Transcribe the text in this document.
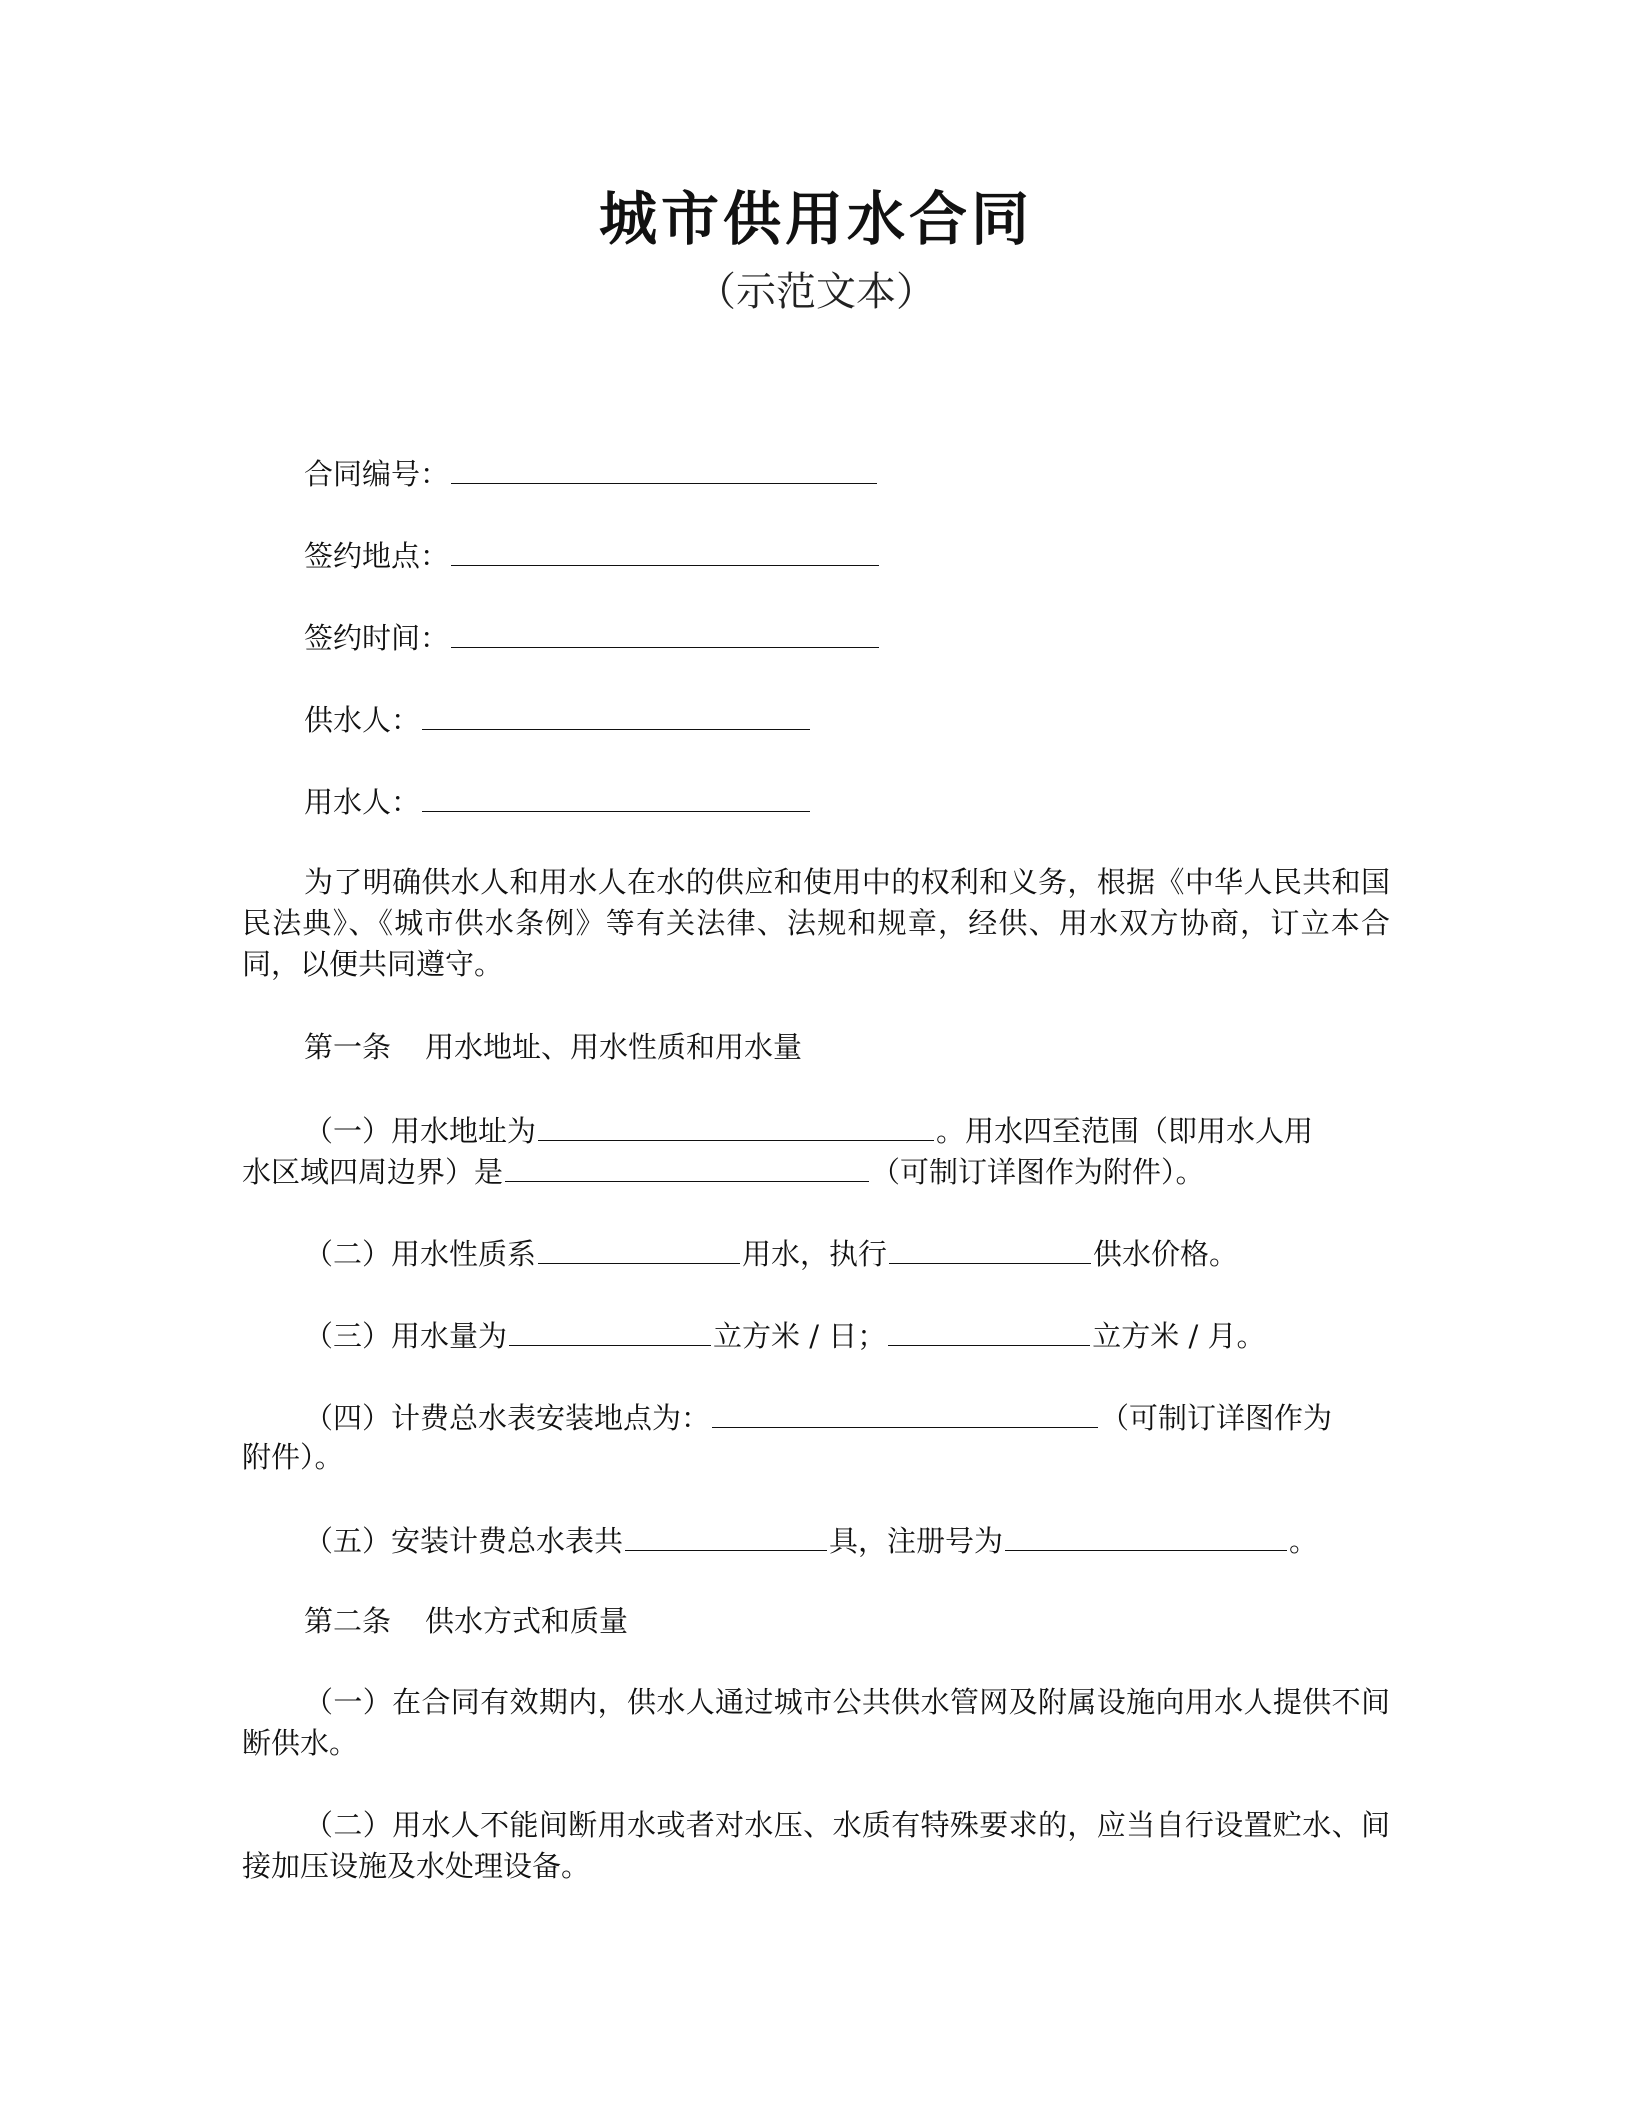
城市供用水合同
（示范文本）
合同编号：
签约地点：
签约时间：
供水人：
用水人：
为了明确供水人和用水人在水的供应和使用中的权利和义务，根据《中华人民共和国民法典》、《城市供水条例》等有关法律、法规和规章，经供、用水双方协商，订立本合同，以便共同遵守。
第一条 用水地址、用水性质和用水量
（一）用水地址为	。用水四至范围（即用水人用
水区域四周边界）是	（可制订详图作为附件）。
（二）用水性质系	用水，执行	供水价格。
（三）用水量为	立方米 / 日；	立方米 / 月。
（四）计费总水表安装地点为：	（可制订详图作为
附件）。
（五）安装计费总水表共	具，注册号为	。
第二条 供水方式和质量
（一）在合同有效期内，供水人通过城市公共供水管网及附属设施向用水人提供不间断供水。
（二）用水人不能间断用水或者对水压、水质有特殊要求的，应当自行设置贮水、间接加压设施及水处理设备。
